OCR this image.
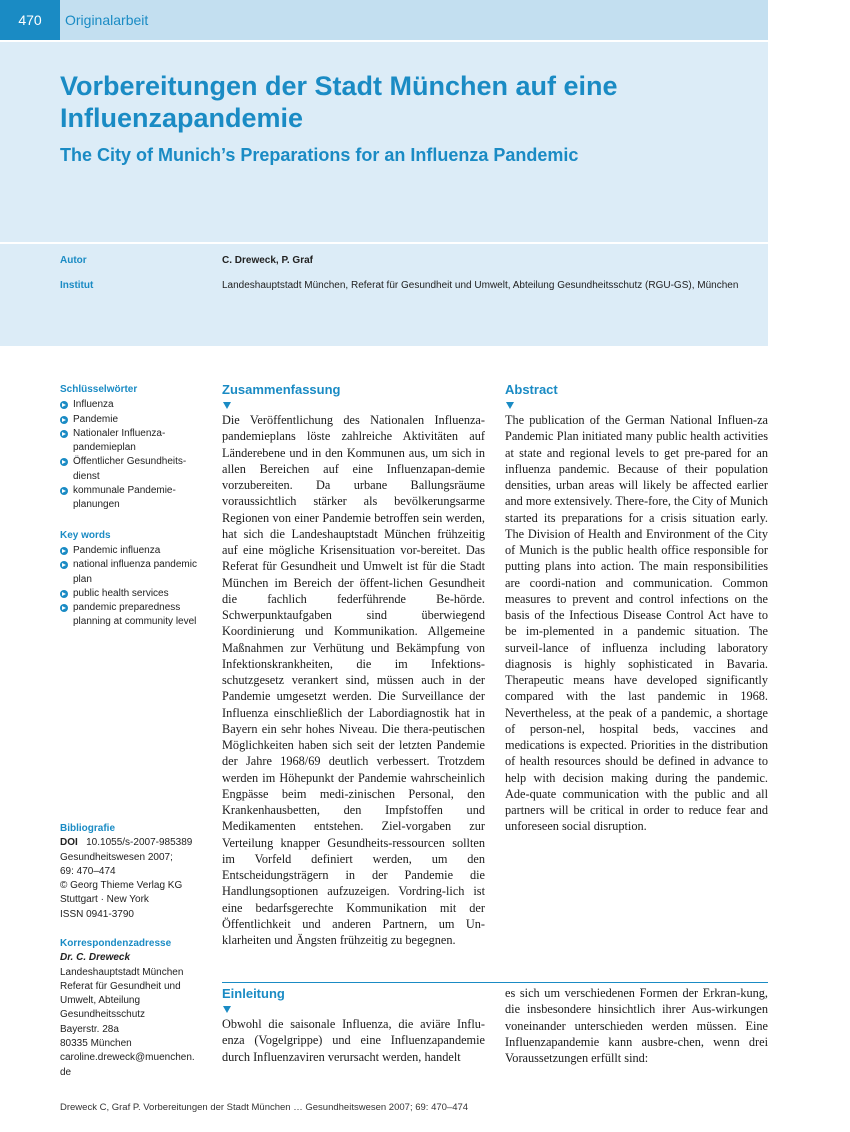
470	Originalarbeit
Vorbereitungen der Stadt München auf eine Influenzapandemie
The City of Munich’s Preparations for an Influenza Pandemic
Autor	C. Dreweck, P. Graf
Institut	Landeshauptstadt München, Referat für Gesundheit und Umwelt, Abteilung Gesundheitsschutz (RGU-GS), München
Schlüsselwörter
Influenza
Pandemie
Nationaler Influenza-pandemieplan
Öffentlicher Gesundheits-dienst
kommunale Pandemie-planungen
Key words
Pandemic influenza
national influenza pandemic plan
public health services
pandemic preparedness planning at community level
Bibliografie
DOI 10.1055/s-2007-985389
Gesundheitswesen 2007;
69: 470–474
© Georg Thieme Verlag KG
Stuttgart · New York
ISSN 0941-3790
Korrespondenzadresse
Dr. C. Dreweck
Landeshauptstadt München
Referat für Gesundheit und
Umwelt, Abteilung
Gesundheitsschutz
Bayerstr. 28a
80335 München
caroline.dreweck@muenchen.
de
Zusammenfassung

Die Veröffentlichung des Nationalen Influenza-pandemieplans löste zahlreiche Aktivitäten auf Länderebene und in den Kommunen aus, um sich in allen Bereichen auf eine Influenzapan-demie vorzubereiten. Da urbane Ballungsräume voraussichtlich stärker als bevölkerungsarme Regionen von einer Pandemie betroffen sein werden, hat sich die Landeshauptstadt München frühzeitig auf eine mögliche Krisensituation vor-bereitet. Das Referat für Gesundheit und Umwelt ist für die Stadt München im Bereich der öffent-lichen Gesundheit die fachlich federführende Be-hörde. Schwerpunktaufgaben sind überwiegend Koordinierung und Kommunikation. Allgemeine Maßnahmen zur Verhütung und Bekämpfung von Infektionskrankheiten, die im Infektions-schutzgesetz verankert sind, müssen auch in der Pandemie umgesetzt werden. Die Surveillance der Influenza einschließlich der Labordiagnostik hat in Bayern ein sehr hohes Niveau. Die thera-peutischen Möglichkeiten haben sich seit der letzten Pandemie der Jahre 1968/69 deutlich verbessert. Trotzdem werden im Höhepunkt der Pandemie wahrscheinlich Engpässe beim medi-zinischen Personal, den Krankenhausbetten, den Impfstoffen und Medikamenten entstehen. Ziel-vorgaben zur Verteilung knapper Gesundheits-ressourcen sollten im Vorfeld definiert werden, um den Entscheidungsträgern in der Pandemie die Handlungsoptionen aufzuzeigen. Vordring-lich ist eine bedarfsgerechte Kommunikation mit der Öffentlichkeit und anderen Partnern, um Un-klarheiten und Ängsten frühzeitig zu begegnen.

Abstract

The publication of the German National Influen-za Pandemic Plan initiated many public health activities at state and regional levels to get pre-pared for an influenza pandemic. Because of their population densities, urban areas will likely be affected earlier and more extensively. There-fore, the City of Munich started its preparations for a crisis situation early. The Division of Health and Environment of the City of Munich is the public health office responsible for putting plans into action. The main responsibilities are coordi-nation and communication. Common measures to prevent and control infections on the basis of the Infectious Disease Control Act have to be im-plemented in a pandemic situation. The surveil-lance of influenza including laboratory diagnosis is highly sophisticated in Bavaria. Therapeutic means have developed significantly compared with the last pandemic in 1968. Nevertheless, at the peak of a pandemic, a shortage of person-nel, hospital beds, vaccines and medications is expected. Priorities in the distribution of health resources should be defined in advance to help with decision making during the pandemic. Ade-quate communication with the public and all partners will be critical in order to reduce fear and unforeseen social disruption.

Einleitung

Obwohl die saisonale Influenza, die aviäre Influ-enza (Vogelgrippe) und eine Influenzapandemie durch Influenzaviren verursacht werden, handelt

es sich um verschiedenen Formen der Erkran-kung, die insbesondere hinsichtlich ihrer Aus-wirkungen voneinander unterschieden werden müssen. Eine Influenzapandemie kann ausbre-chen, wenn drei Voraussetzungen erfüllt sind:

Dreweck C, Graf P. Vorbereitungen der Stadt München … Gesundheitswesen 2007; 69: 470–474
